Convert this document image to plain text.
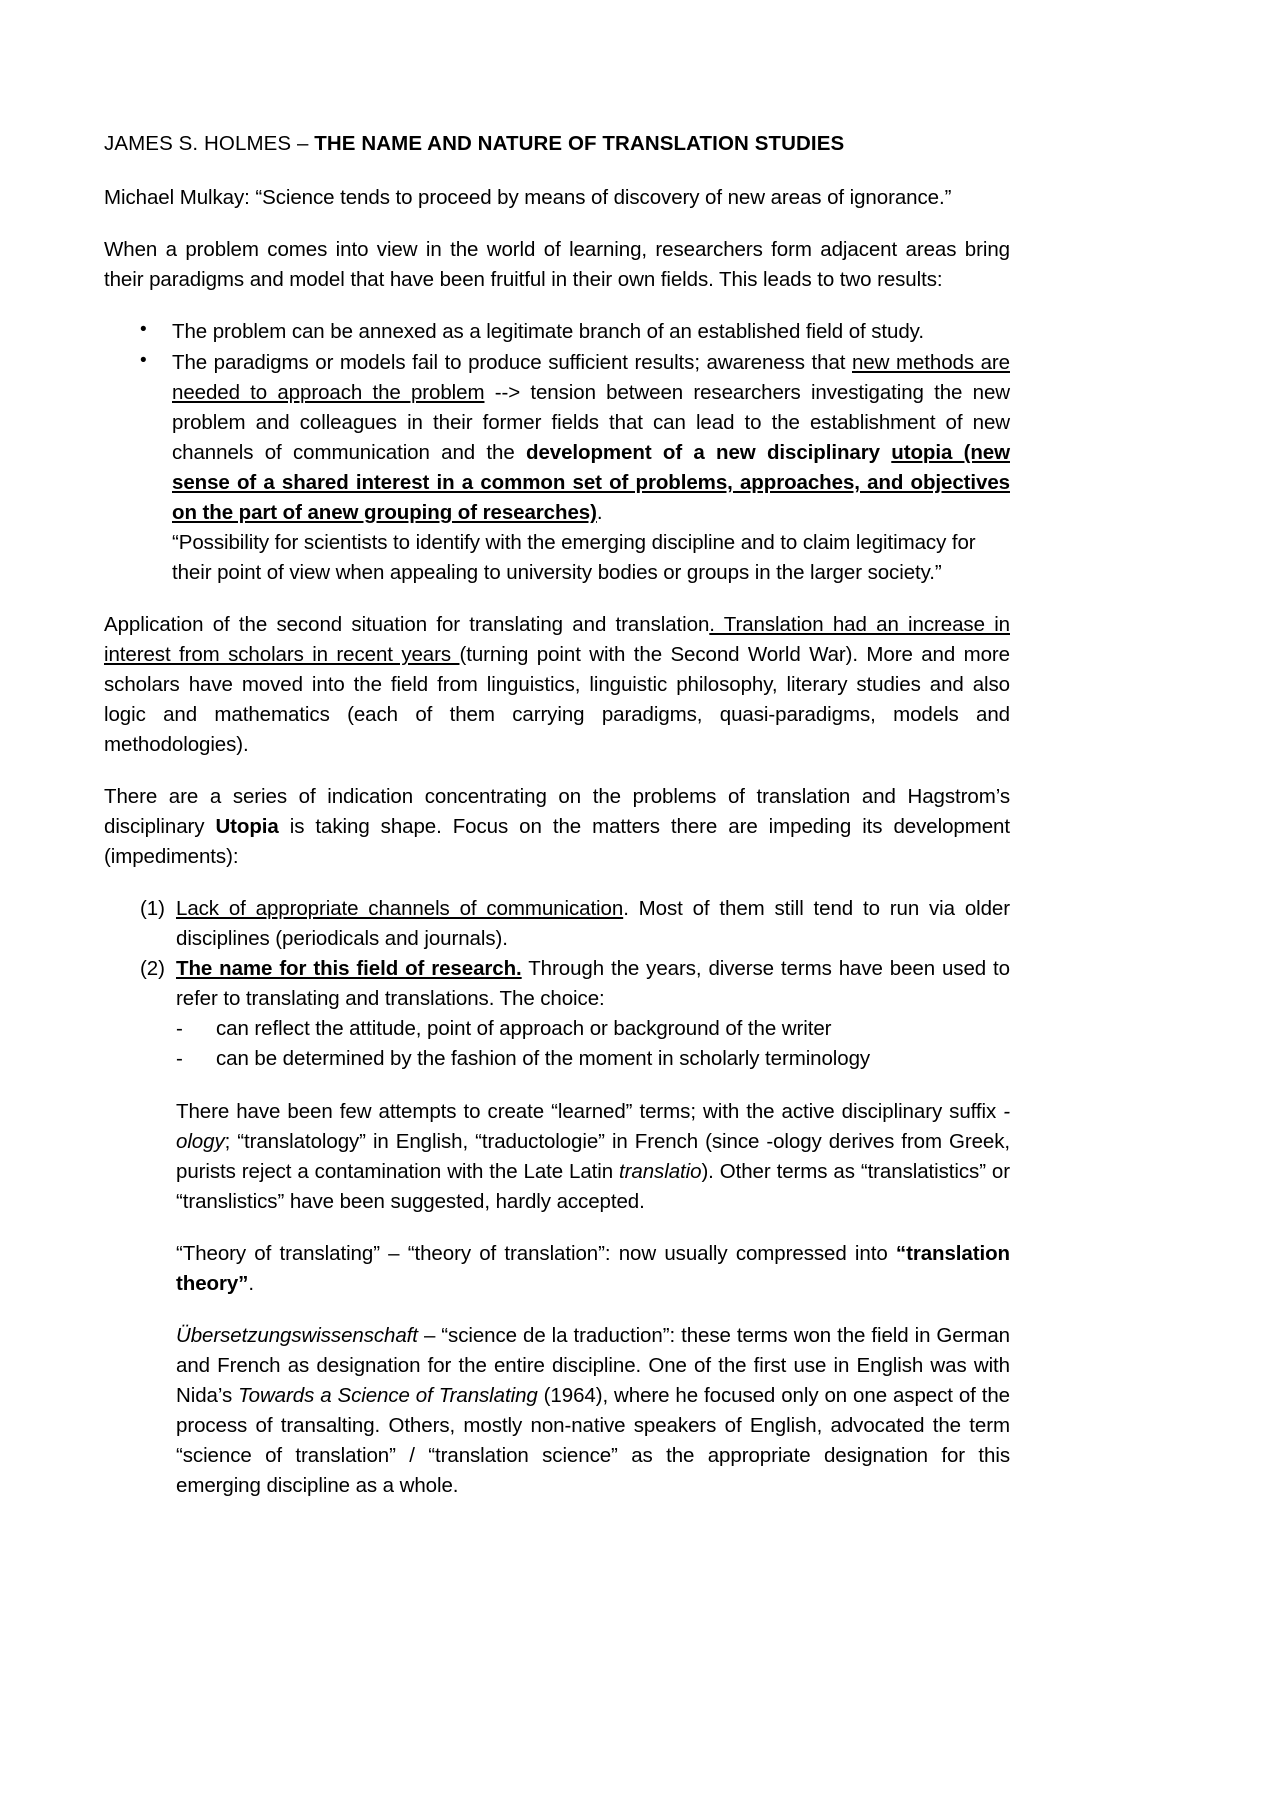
JAMES S. HOLMES – THE NAME AND NATURE OF TRANSLATION STUDIES

Michael Mulkay: “Science tends to proceed by means of discovery of new areas of ignorance.”

When a problem comes into view in the world of learning, researchers form adjacent areas bring their paradigms and model that have been fruitful in their own fields. This leads to two results:

• The problem can be annexed as a legitimate branch of an established field of study.
• The paradigms or models fail to produce sufficient results; awareness that new methods are needed to approach the problem --> tension between researchers investigating the new problem and colleagues in their former fields that can lead to the establishment of new channels of communication and the development of a new disciplinary utopia (new sense of a shared interest in a common set of problems, approaches, and objectives on the part of anew grouping of researches).
“Possibility for scientists to identify with the emerging discipline and to claim legitimacy for their point of view when appealing to university bodies or groups in the larger society.”

Application of the second situation for translating and translation. Translation had an increase in interest from scholars in recent years (turning point with the Second World War). More and more scholars have moved into the field from linguistics, linguistic philosophy, literary studies and also logic and mathematics (each of them carrying paradigms, quasi-paradigms, models and methodologies).

There are a series of indication concentrating on the problems of translation and Hagstrom’s disciplinary Utopia is taking shape. Focus on the matters there are impeding its development (impediments):

(1) Lack of appropriate channels of communication. Most of them still tend to run via older disciplines (periodicals and journals).
(2) The name for this field of research. Through the years, diverse terms have been used to refer to translating and translations. The choice:
- can reflect the attitude, point of approach or background of the writer
- can be determined by the fashion of the moment in scholarly terminology

There have been few attempts to create “learned” terms; with the active disciplinary suffix -ology; “translatology” in English, “traductologie” in French (since -ology derives from Greek, purists reject a contamination with the Late Latin translatio). Other terms as “translatistics” or “translistics” have been suggested, hardly accepted.

“Theory of translating” – “theory of translation”: now usually compressed into “translation theory”.

Übersetzungswissenschaft – “science de la traduction”: these terms won the field in German and French as designation for the entire discipline. One of the first use in English was with Nida’s Towards a Science of Translating (1964), where he focused only on one aspect of the process of transalting. Others, mostly non-native speakers of English, advocated the term “science of translation” / “translation science” as the appropriate designation for this emerging discipline as a whole.
